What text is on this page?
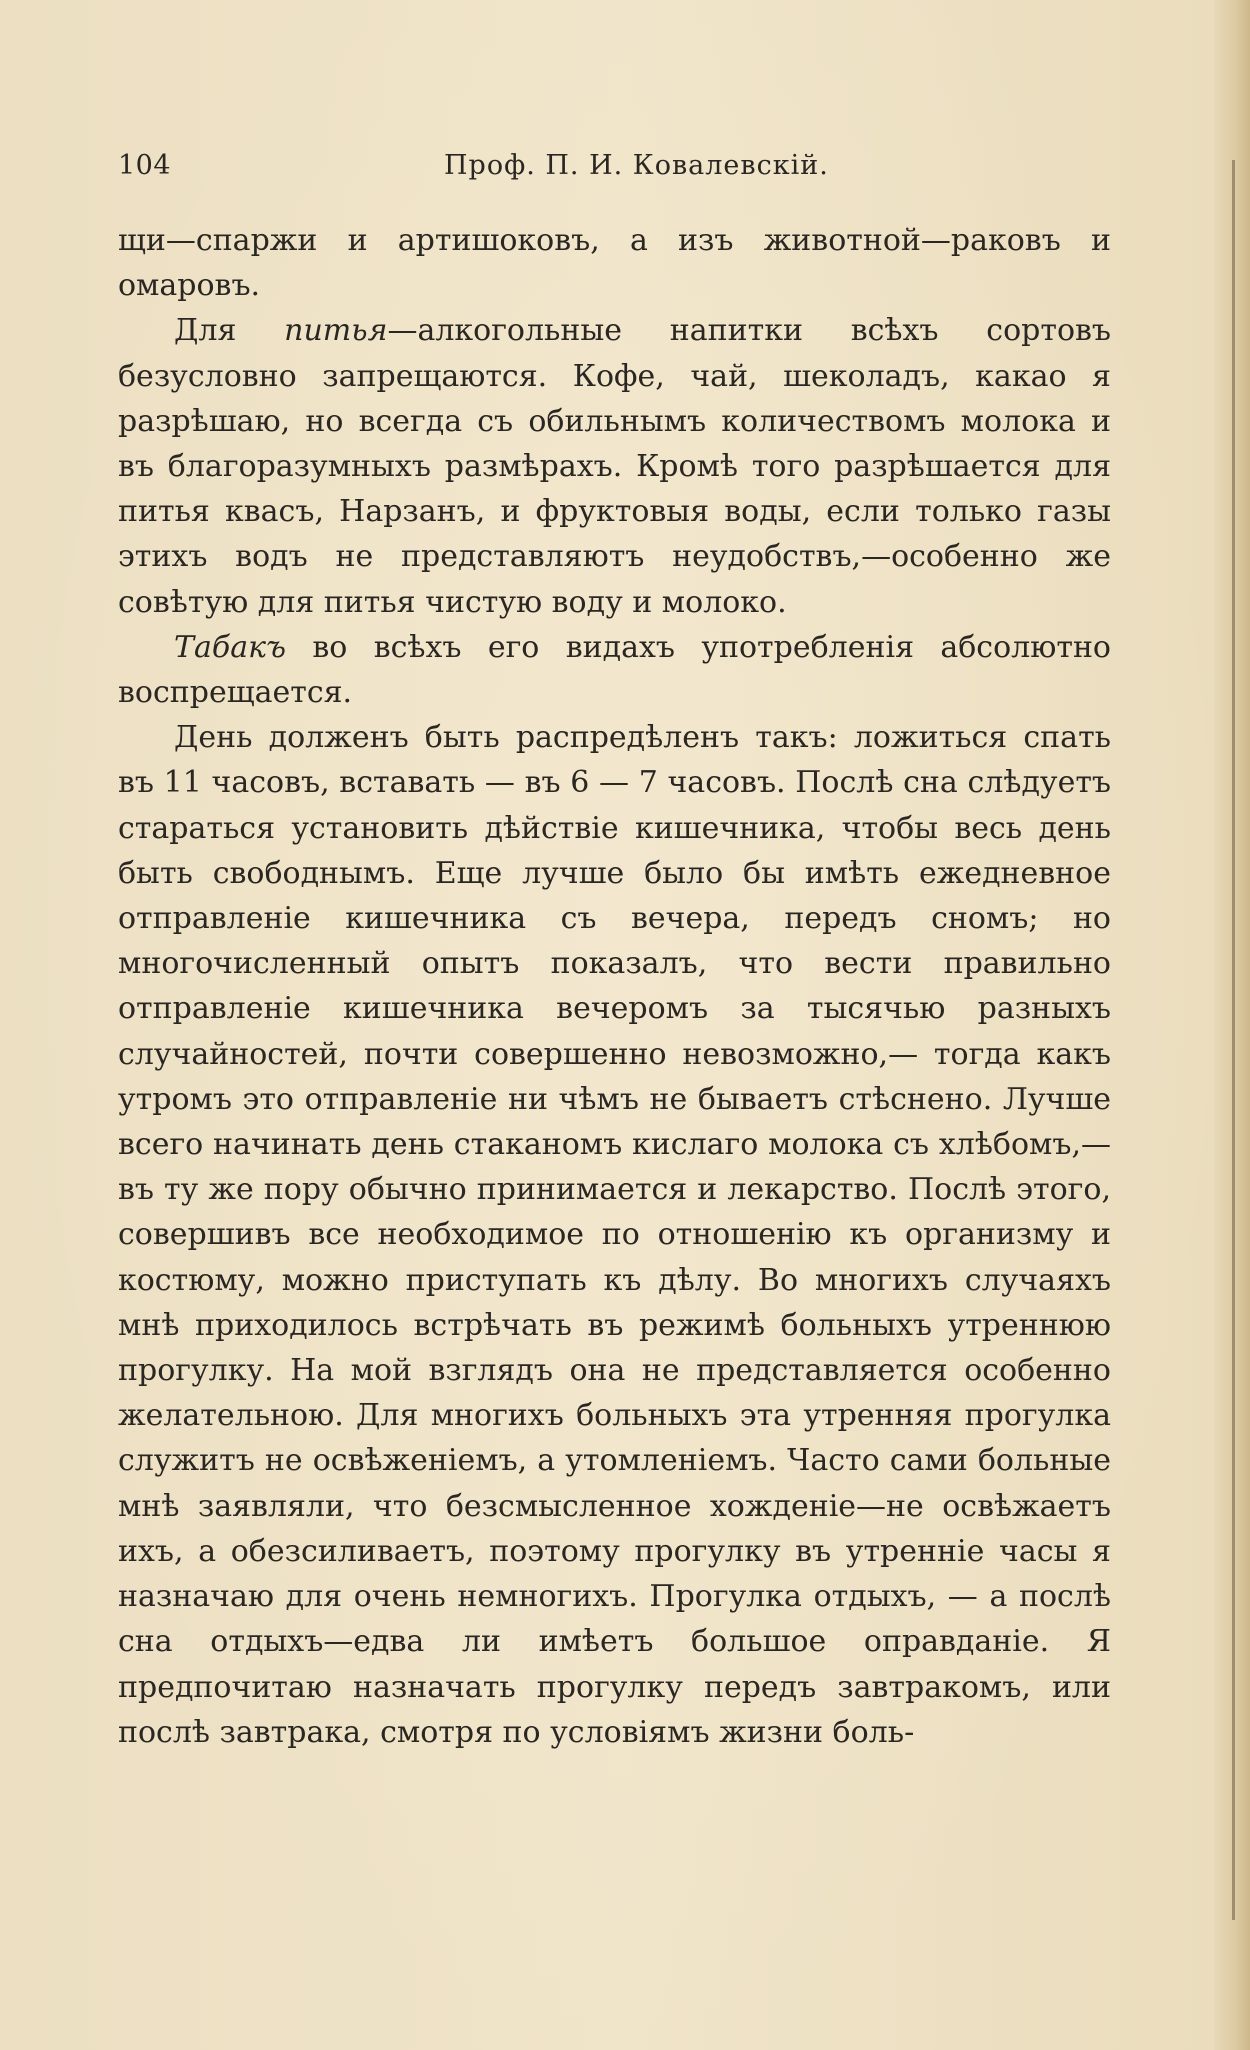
104	Проф. П. И. Ковалевскій.

щи—спаржи и артишоковъ, а изъ животной—раковъ и омаровъ.

Для питья—алкогольные напитки всѣхъ сортовъ безусловно запрещаются. Кофе, чай, шеколадъ, какао я разрѣшаю, но всегда съ обильнымъ количествомъ молока и въ благоразумныхъ размѣрахъ. Кромѣ того разрѣшается для питья квасъ, Нарзанъ, и фруктовыя воды, если только газы этихъ водъ не представляютъ неудобствъ,—особенно же совѣтую для питья чистую воду и молоко.

Табакъ во всѣхъ его видахъ употребленія абсолютно воспрещается.

День долженъ быть распредѣленъ такъ: ложиться спать въ 11 часовъ, вставать — въ 6 — 7 часовъ. Послѣ сна слѣдуетъ стараться установить дѣйствіе кишечника, чтобы весь день быть свободнымъ. Еще лучше было бы имѣть ежедневное отправленіе кишечника съ вечера, передъ сномъ; но многочисленный опытъ показалъ, что вести правильно отправленіе кишечника вечеромъ за тысячью разныхъ случайностей, почти совершенно невозможно,— тогда какъ утромъ это отправленіе ни чѣмъ не бываетъ стѣснено. Лучше всего начинать день стаканомъ кислаго молока съ хлѣбомъ,—въ ту же пору обычно принимается и лекарство. Послѣ этого, совершивъ все необходимое по отношенію къ организму и костюму, можно приступать къ дѣлу. Во многихъ случаяхъ мнѣ приходилось встрѣчать въ режимѣ больныхъ утреннюю прогулку. На мой взглядъ она не представляется особенно желательною. Для многихъ больныхъ эта утренняя прогулка служитъ не освѣженіемъ, а утомленіемъ. Часто сами больные мнѣ заявляли, что безсмысленное хожденіе—не освѣжаетъ ихъ, а обезсиливаетъ, поэтому прогулку въ утренніе часы я назначаю для очень немногихъ. Прогулка отдыхъ, — а послѣ сна отдыхъ—едва ли имѣетъ большое оправданіе. Я предпочитаю назначать прогулку передъ завтракомъ, или послѣ завтрака, смотря по условіямъ жизни боль-
